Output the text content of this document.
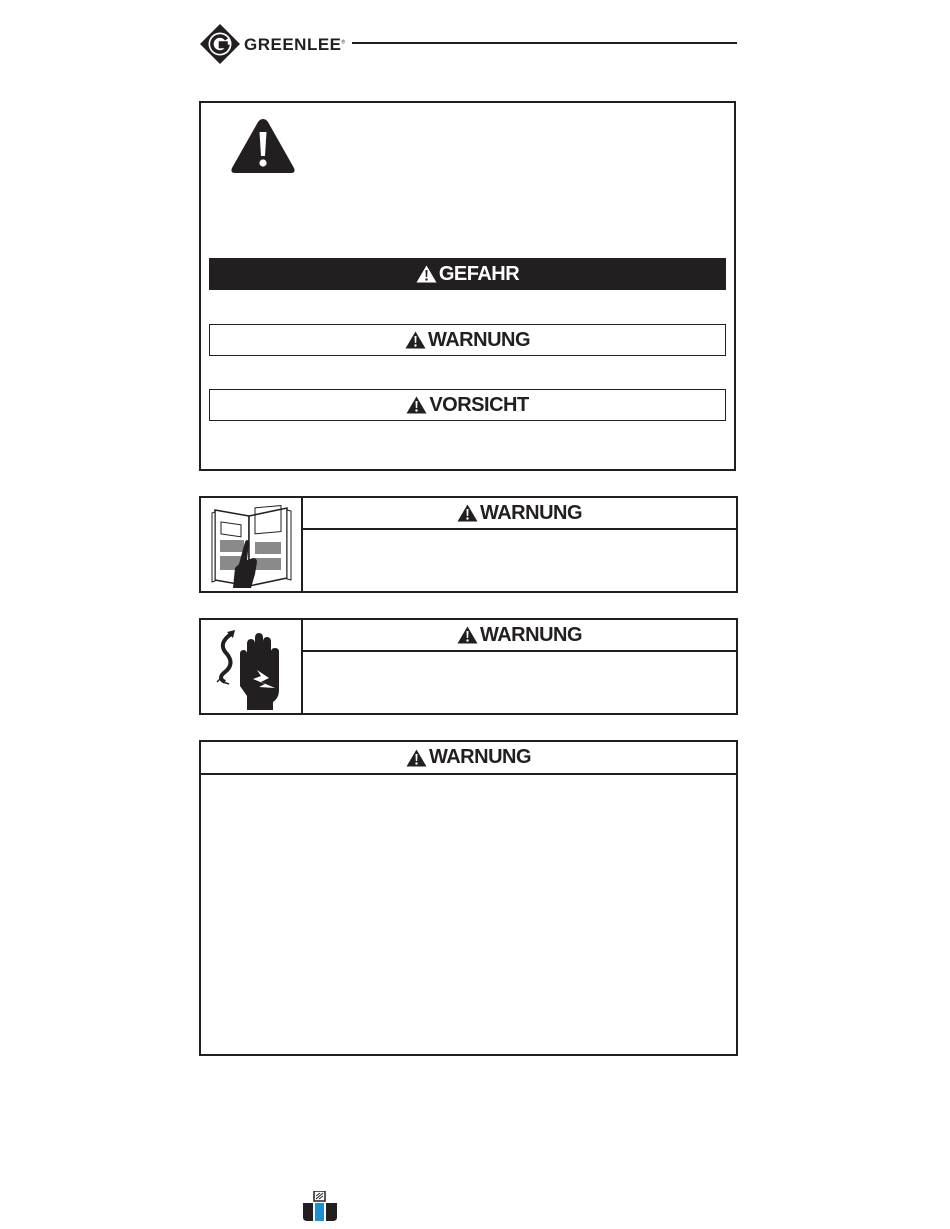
GREENLEE®
GEFAHR
WARNUNG
VORSICHT
WARNUNG
WARNUNG
WARNUNG
